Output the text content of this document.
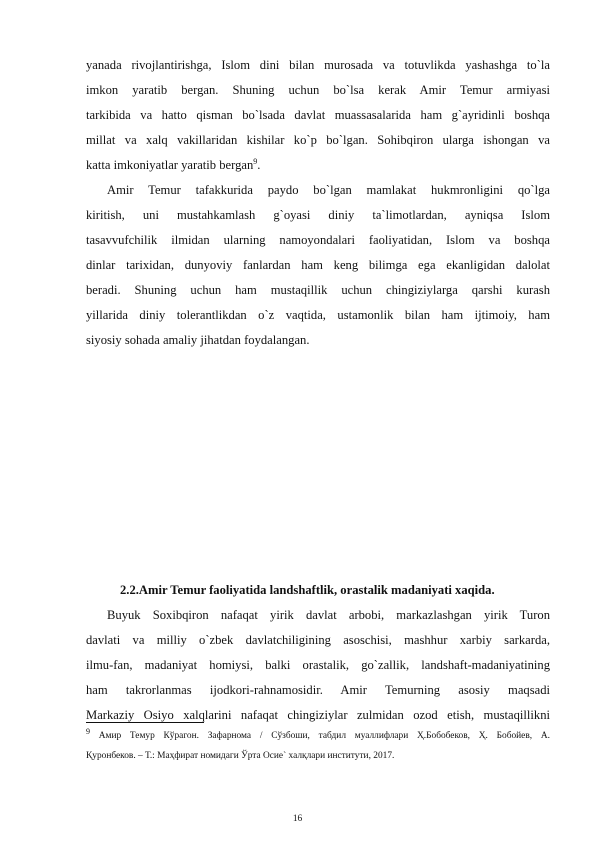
yanada rivojlantirishga, Islom dini bilan murosada va totuvlikda yashashga to`la
imkon yaratib bergan. Shuning uchun bo`lsa kerak Amir Temur armiyasi
tarkibida va hatto qisman bo`lsada davlat muassasalarida ham g`ayridinli boshqa
millat va xalq vakillaridan kishilar ko`p bo`lgan. Sohibqiron ularga ishongan va
katta imkoniyatlar yaratib bergan$^9$.
Amir Temur tafakkurida paydo bo`lgan mamlakat hukmronligini qo`lga
kiritish, uni mustahkamlash g`oyasi diniy ta`limotlardan, ayniqsa Islom
tasavvufchilik ilmidan ularning namoyondalari faoliyatidan, Islom va boshqa
dinlar tarixidan, dunyoviy fanlardan ham keng bilimga ega ekanligidan dalolat
beradi. Shuning uchun ham mustaqillik uchun chingiziylarga qarshi kurash
yillarida diniy tolerantlikdan o`z vaqtida, ustamonlik bilan ham ijtimoiy, ham
siyosiy sohada amaliy jihatdan foydalangan.
2.2.Amir Temur faoliyatida landshaftlik, orastalik madaniyati xaqida.
Buyuk Soxibqiron nafaqat yirik davlat arbobi, markazlashgan yirik Turon
davlati va milliy o`zbek davlatchiligining asoschisi, mashhur xarbiy sarkarda,
ilmu-fan, madaniyat homiysi, balki orastalik, go`zallik, landshaft-madaniyatining
ham takrorlanmas ijodkori-rahnamosidir. Amir Temurning asosiy maqsadi
Markaziy Osiyo xalqlarini nafaqat chingiziylar zulmidan ozod etish, mustaqillikni
$^9$ Амир Темур Кўрагон. Зафарнома / Сўзбоши, табдил муаллифлари Ҳ.Бобобеков, Ҳ. Бобойев, А.
Қуронбеков. – Т.: Маҳфират номидаги Ўрта Осие` халқлари институти, 2017.
16
